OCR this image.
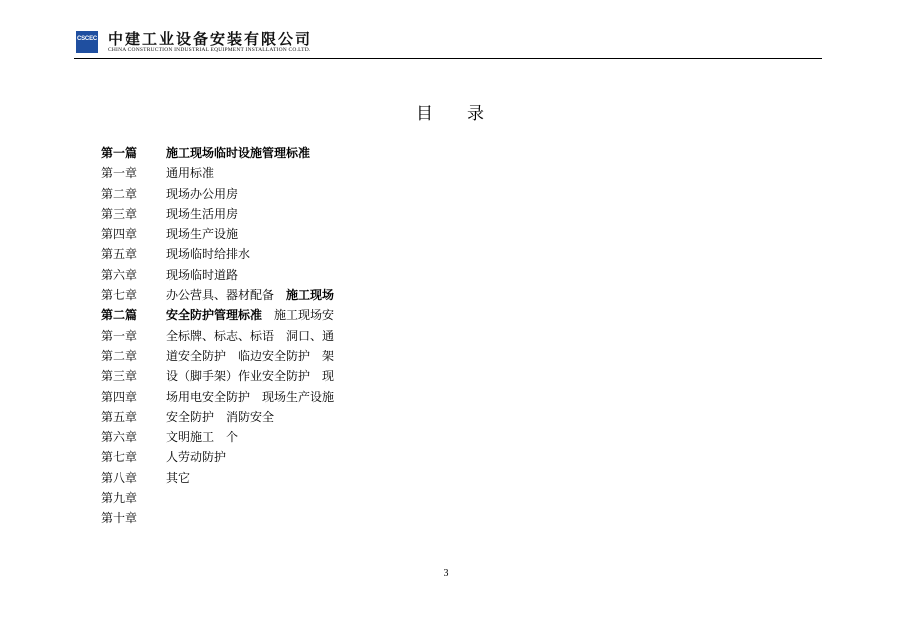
CSCEC 中建工业设备安装有限公司
CHINA CONSTRUCTION INDUSTRIAL EQUIPMENT INSTALLATION CO.LTD.
目　　录
第一篇 施工现场临时设施管理标准
第一章 通用标准
第二章 现场办公用房
第三章 现场生活用房
第四章 现场生产设施
第五章 现场临时给排水
第六章 现场临时道路
第七章 办公营具、器材配备　 施工现场
第二篇 安全防护管理标准　 施工现场安
第一章 全标牌、标志、标语　洞口、通
第二章 道安全防护　临边安全防护　架
第三章 设（脚手架）作业安全防护　现
第四章 场用电安全防护　现场生产设施
第五章 安全防护　消防安全
第六章 文明施工　个
第七章 人劳动防护
第八章 其它
第九章
第十章
3
